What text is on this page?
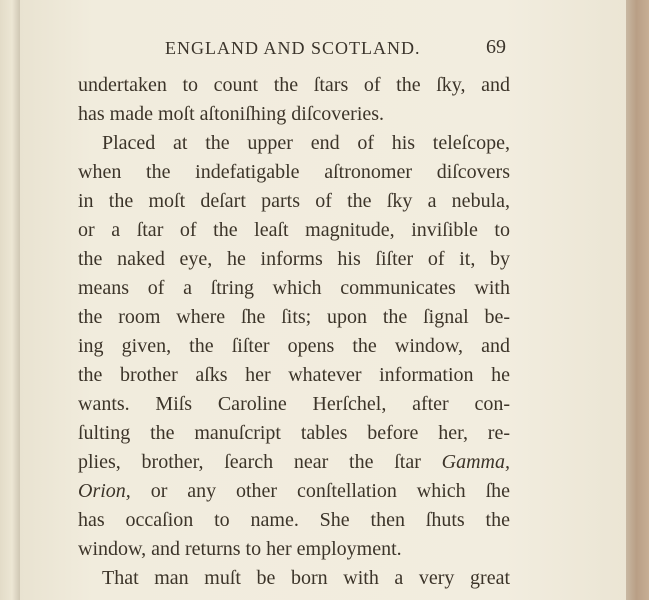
ENGLAND AND SCOTLAND.	69
undertaken to count the ſtars of the ſky, and
has made moſt aſtoniſhing diſcoveries.
Placed at the upper end of his teleſcope,
when the indefatigable aſtronomer diſcovers
in the moſt deſart parts of the ſky a nebula,
or a ſtar of the leaſt magnitude, inviſible to
the naked eye, he informs his ſiſter of it, by
means of a ſtring which communicates with
the room where ſhe ſits; upon the ſignal be-
ing given, the ſiſter opens the window, and
the brother aſks her whatever information he
wants. Miſs Caroline Herſchel, after con-
ſulting the manuſcript tables before her, re-
plies, brother, ſearch near the ſtar Gamma,
Orion, or any other conſtellation which ſhe
has occaſion to name. She then ſhuts the
window, and returns to her employment.
That man muſt be born with a very great
